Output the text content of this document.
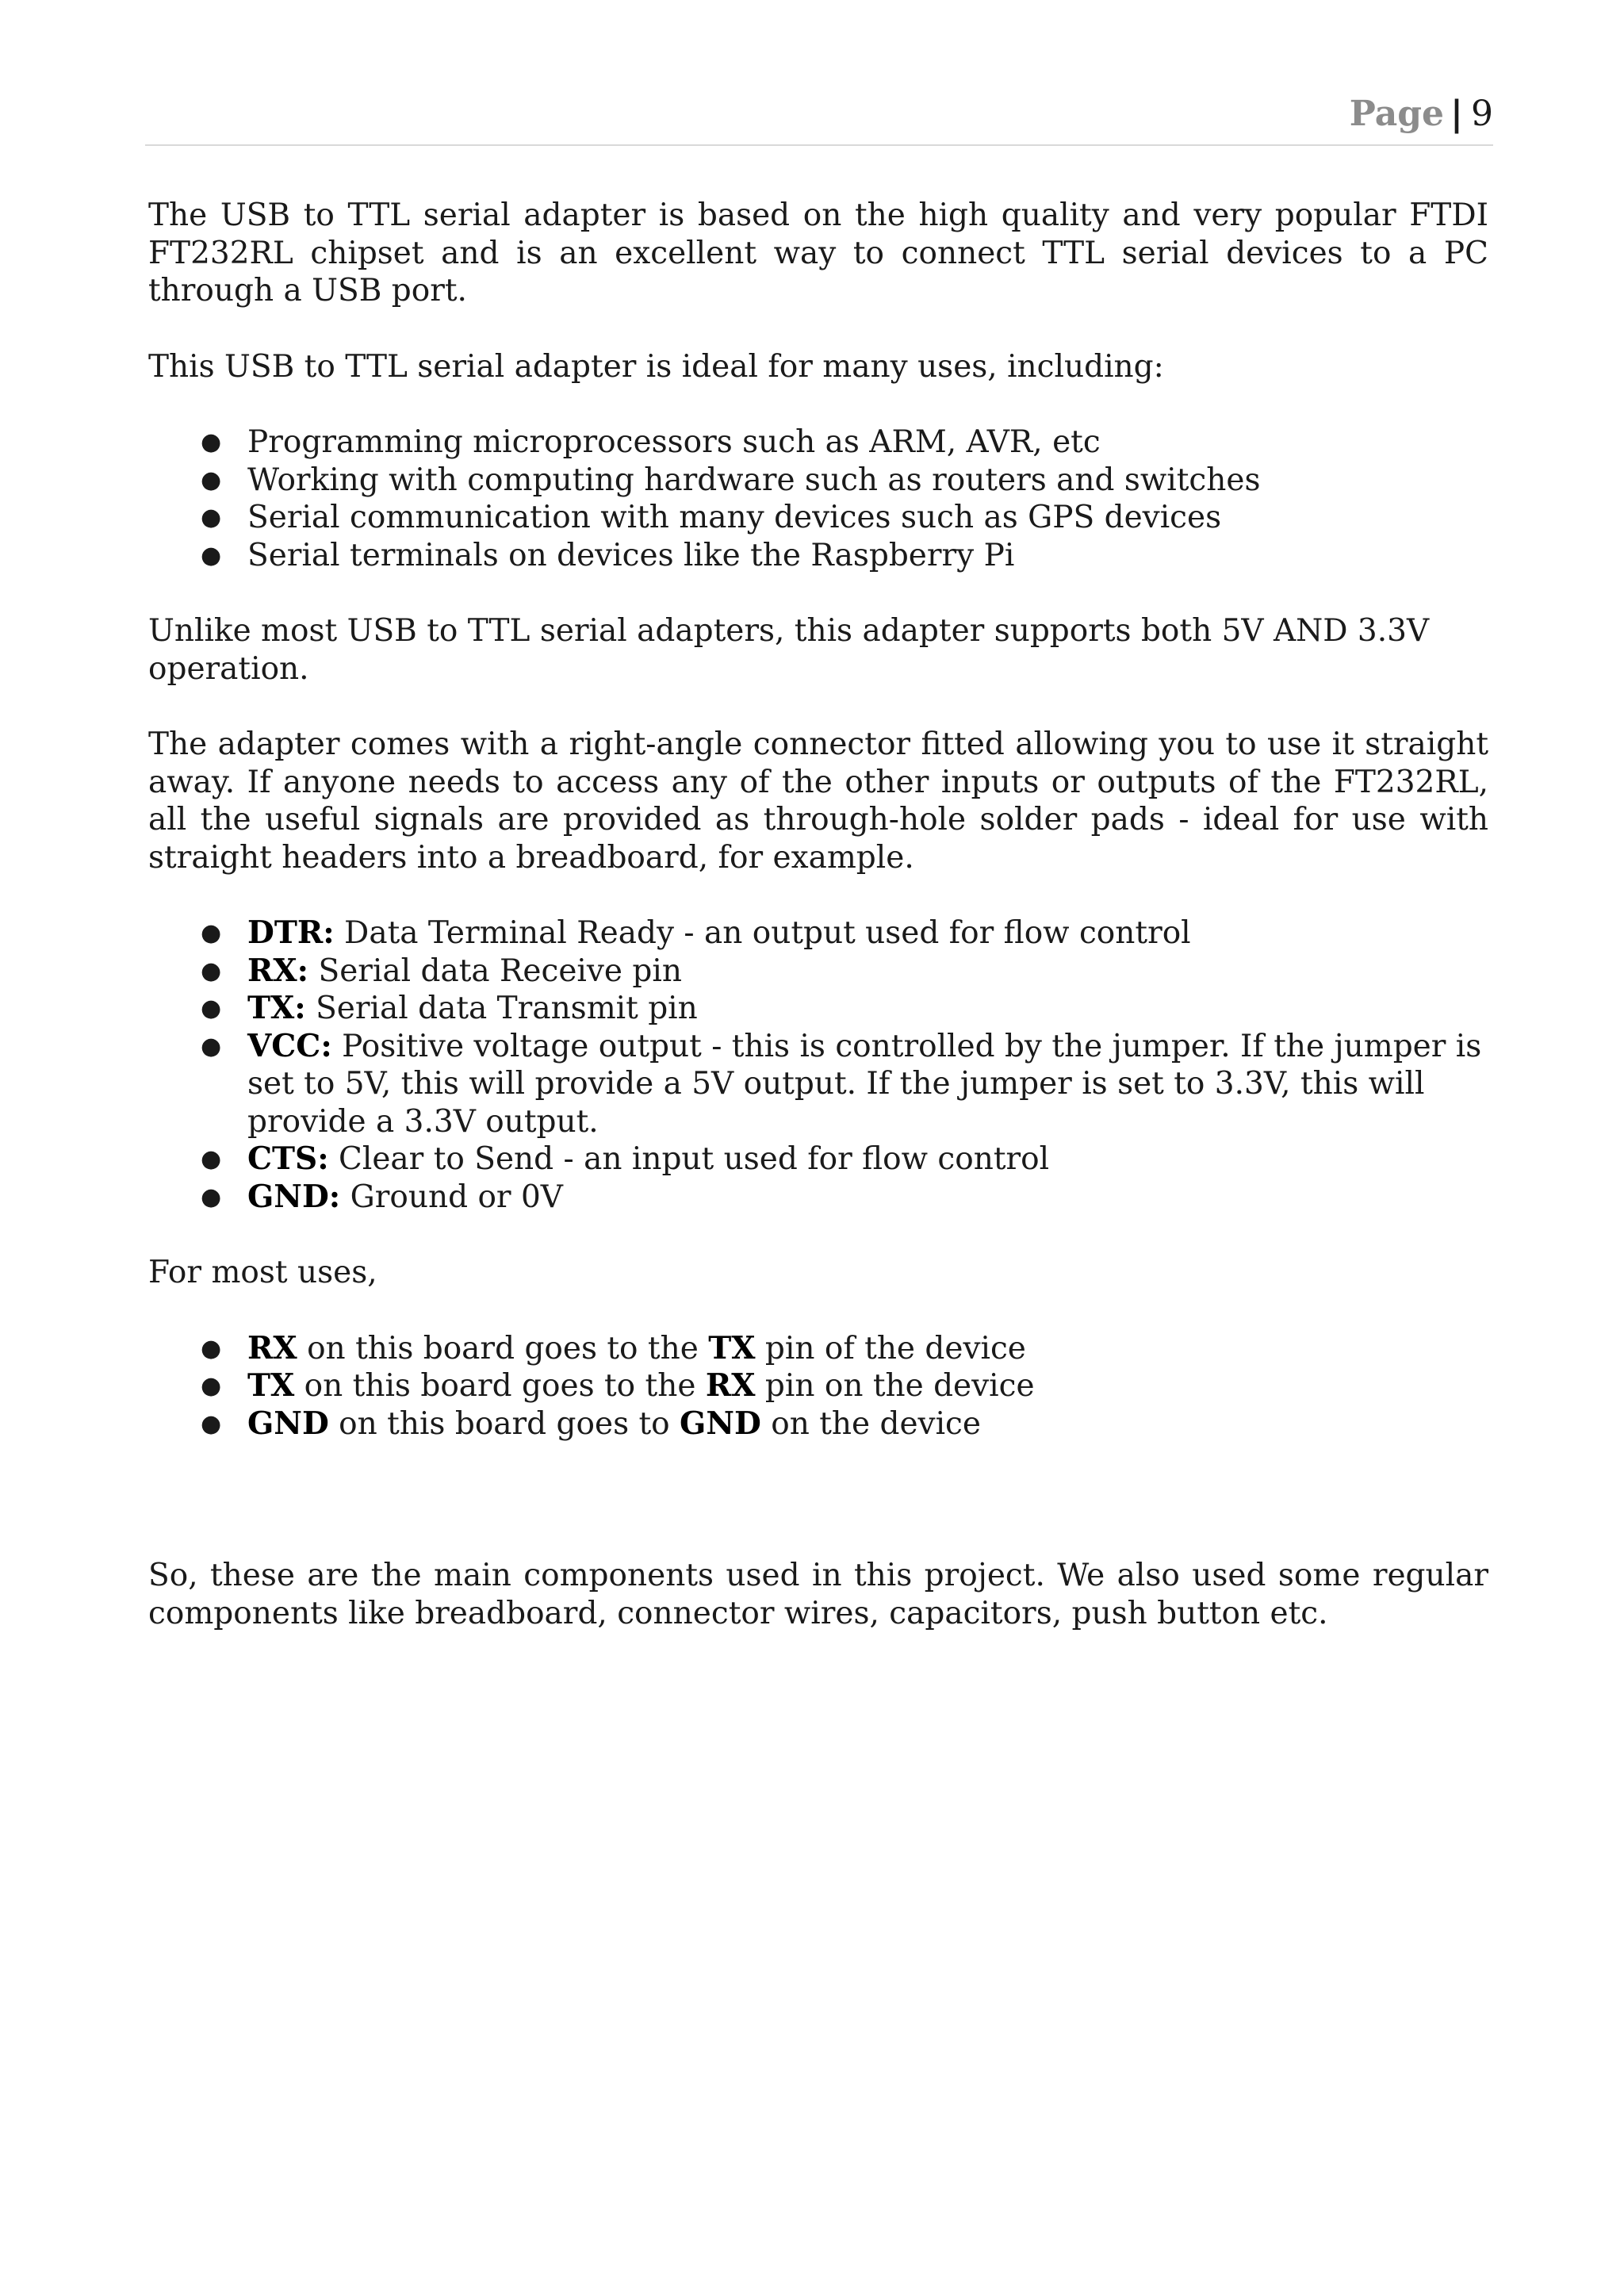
Page | 9

The USB to TTL serial adapter is based on the high quality and very popular FTDI FT232RL chipset and is an excellent way to connect TTL serial devices to a PC through a USB port.

This USB to TTL serial adapter is ideal for many uses, including:

● Programming microprocessors such as ARM, AVR, etc
● Working with computing hardware such as routers and switches
● Serial communication with many devices such as GPS devices
● Serial terminals on devices like the Raspberry Pi

Unlike most USB to TTL serial adapters, this adapter supports both 5V AND 3.3V operation.

The adapter comes with a right-angle connector fitted allowing you to use it straight away. If anyone needs to access any of the other inputs or outputs of the FT232RL, all the useful signals are provided as through-hole solder pads - ideal for use with straight headers into a breadboard, for example.

● DTR: Data Terminal Ready - an output used for flow control
● RX: Serial data Receive pin
● TX: Serial data Transmit pin
● VCC: Positive voltage output - this is controlled by the jumper. If the jumper is set to 5V, this will provide a 5V output. If the jumper is set to 3.3V, this will provide a 3.3V output.
● CTS: Clear to Send - an input used for flow control
● GND: Ground or 0V

For most uses,

● RX on this board goes to the TX pin of the device
● TX on this board goes to the RX pin on the device
● GND on this board goes to GND on the device

So, these are the main components used in this project. We also used some regular components like breadboard, connector wires, capacitors, push button etc.
